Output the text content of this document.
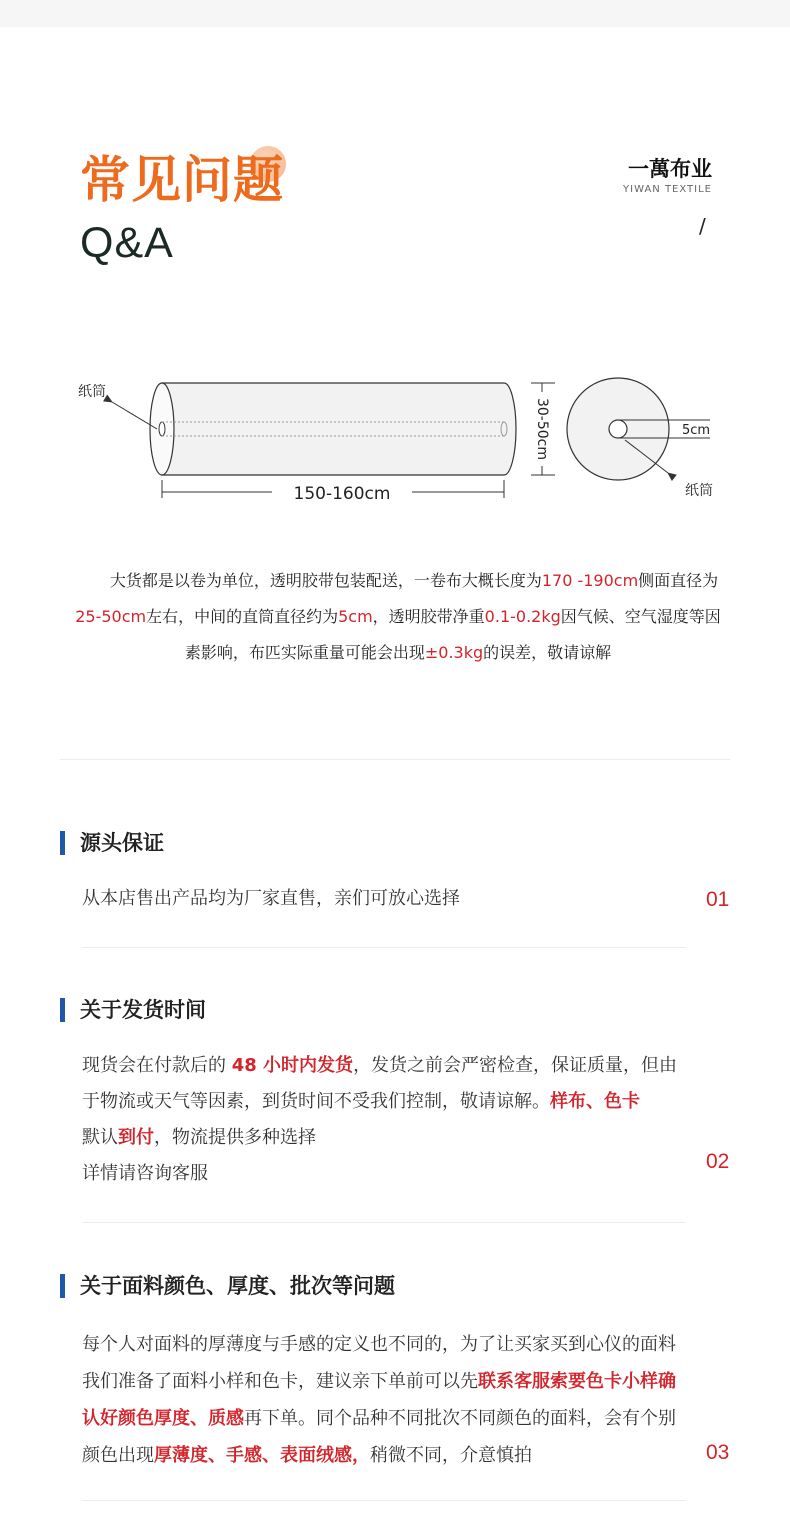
常见问题
Q&A
一萬布业
YIWAN TEXTILE
/
纸筒
150-160cm
30-50cm	5cm
纸筒
　　大货都是以卷为单位，透明胶带包装配送，一卷布大概长度为170 -190cm侧面直径为25-50cm左右，中间的直筒直径约为5cm，透明胶带净重0.1-0.2kg因气候、空气湿度等因素影响，布匹实际重量可能会出现±0.3kg的误差，敬请谅解
源头保证
从本店售出产品均为厂家直售，亲们可放心选择	01
关于发货时间
现货会在付款后的 48 小时内发货，发货之前会严密检查，保证质量，但由于物流或天气等因素，到货时间不受我们控制，敬请谅解。样布、色卡
默认到付，物流提供多种选择
详情请咨询客服
02
关于面料颜色、厚度、批次等问题
每个人对面料的厚薄度与手感的定义也不同的，为了让买家买到心仪的面料我们准备了面料小样和色卡，建议亲下单前可以先联系客服索要色卡小样确认好颜色厚度、质感再下单。同个品种不同批次不同颜色的面料，会有个别颜色出现厚薄度、手感、表面绒感，稍微不同，介意慎拍	03
